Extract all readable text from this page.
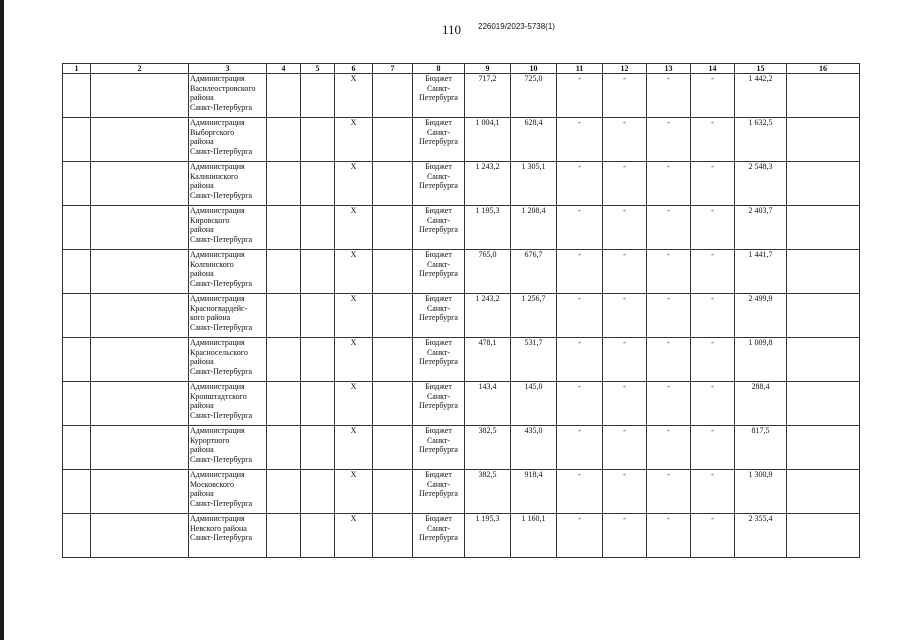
110 226019/2023-5738(1)
1	2	3	4	5	6	7	8	9	10	11	12	13	14	15	16
		Администрация
Василеостровского
района
Санкт-Петербурга			Х		Бюджет
Санкт-
Петербурга	717,2	725,0	-	-	-	-	1 442,2	
		Администрация
Выборгского
района
Санкт-Петербурга			Х		Бюджет
Санкт-
Петербурга	1 004,1	628,4	-	-	-	-	1 632,5	
		Администрация
Калининского
района
Санкт-Петербурга			Х		Бюджет
Санкт-
Петербурга	1 243,2	1 305,1	-	-	-	-	2 548,3	
		Администрация
Кировского
района
Санкт-Петербурга			Х		Бюджет
Санкт-
Петербурга	1 195,3	1 208,4	-	-	-	-	2 403,7	
		Администрация
Колпинского
района
Санкт-Петербурга			Х		Бюджет
Санкт-
Петербурга	765,0	676,7	-	-	-	-	1 441,7	
		Администрация
Красногвардейс-
кого района
Санкт-Петербурга			Х		Бюджет
Санкт-
Петербурга	1 243,2	1 256,7	-	-	-	-	2 499,9	
		Администрация
Красносельского
района
Санкт-Петербурга			Х		Бюджет
Санкт-
Петербурга	478,1	531,7	-	-	-	-	1 009,8	
		Администрация
Кронштадтского
района
Санкт-Петербурга			Х		Бюджет
Санкт-
Петербурга	143,4	145,0	-	-	-	-	288,4	
		Администрация
Курортного
района
Санкт-Петербурга			Х		Бюджет
Санкт-
Петербурга	382,5	435,0	-	-	-	-	817,5	
		Администрация
Московского
района
Санкт-Петербурга			Х		Бюджет
Санкт-
Петербурга	382,5	918,4	-	-	-	-	1 300,9	
		Администрация
Невского района
Санкт-Петербурга			Х		Бюджет
Санкт-
Петербурга	1 195,3	1 160,1	-	-	-	-	2 355,4	
